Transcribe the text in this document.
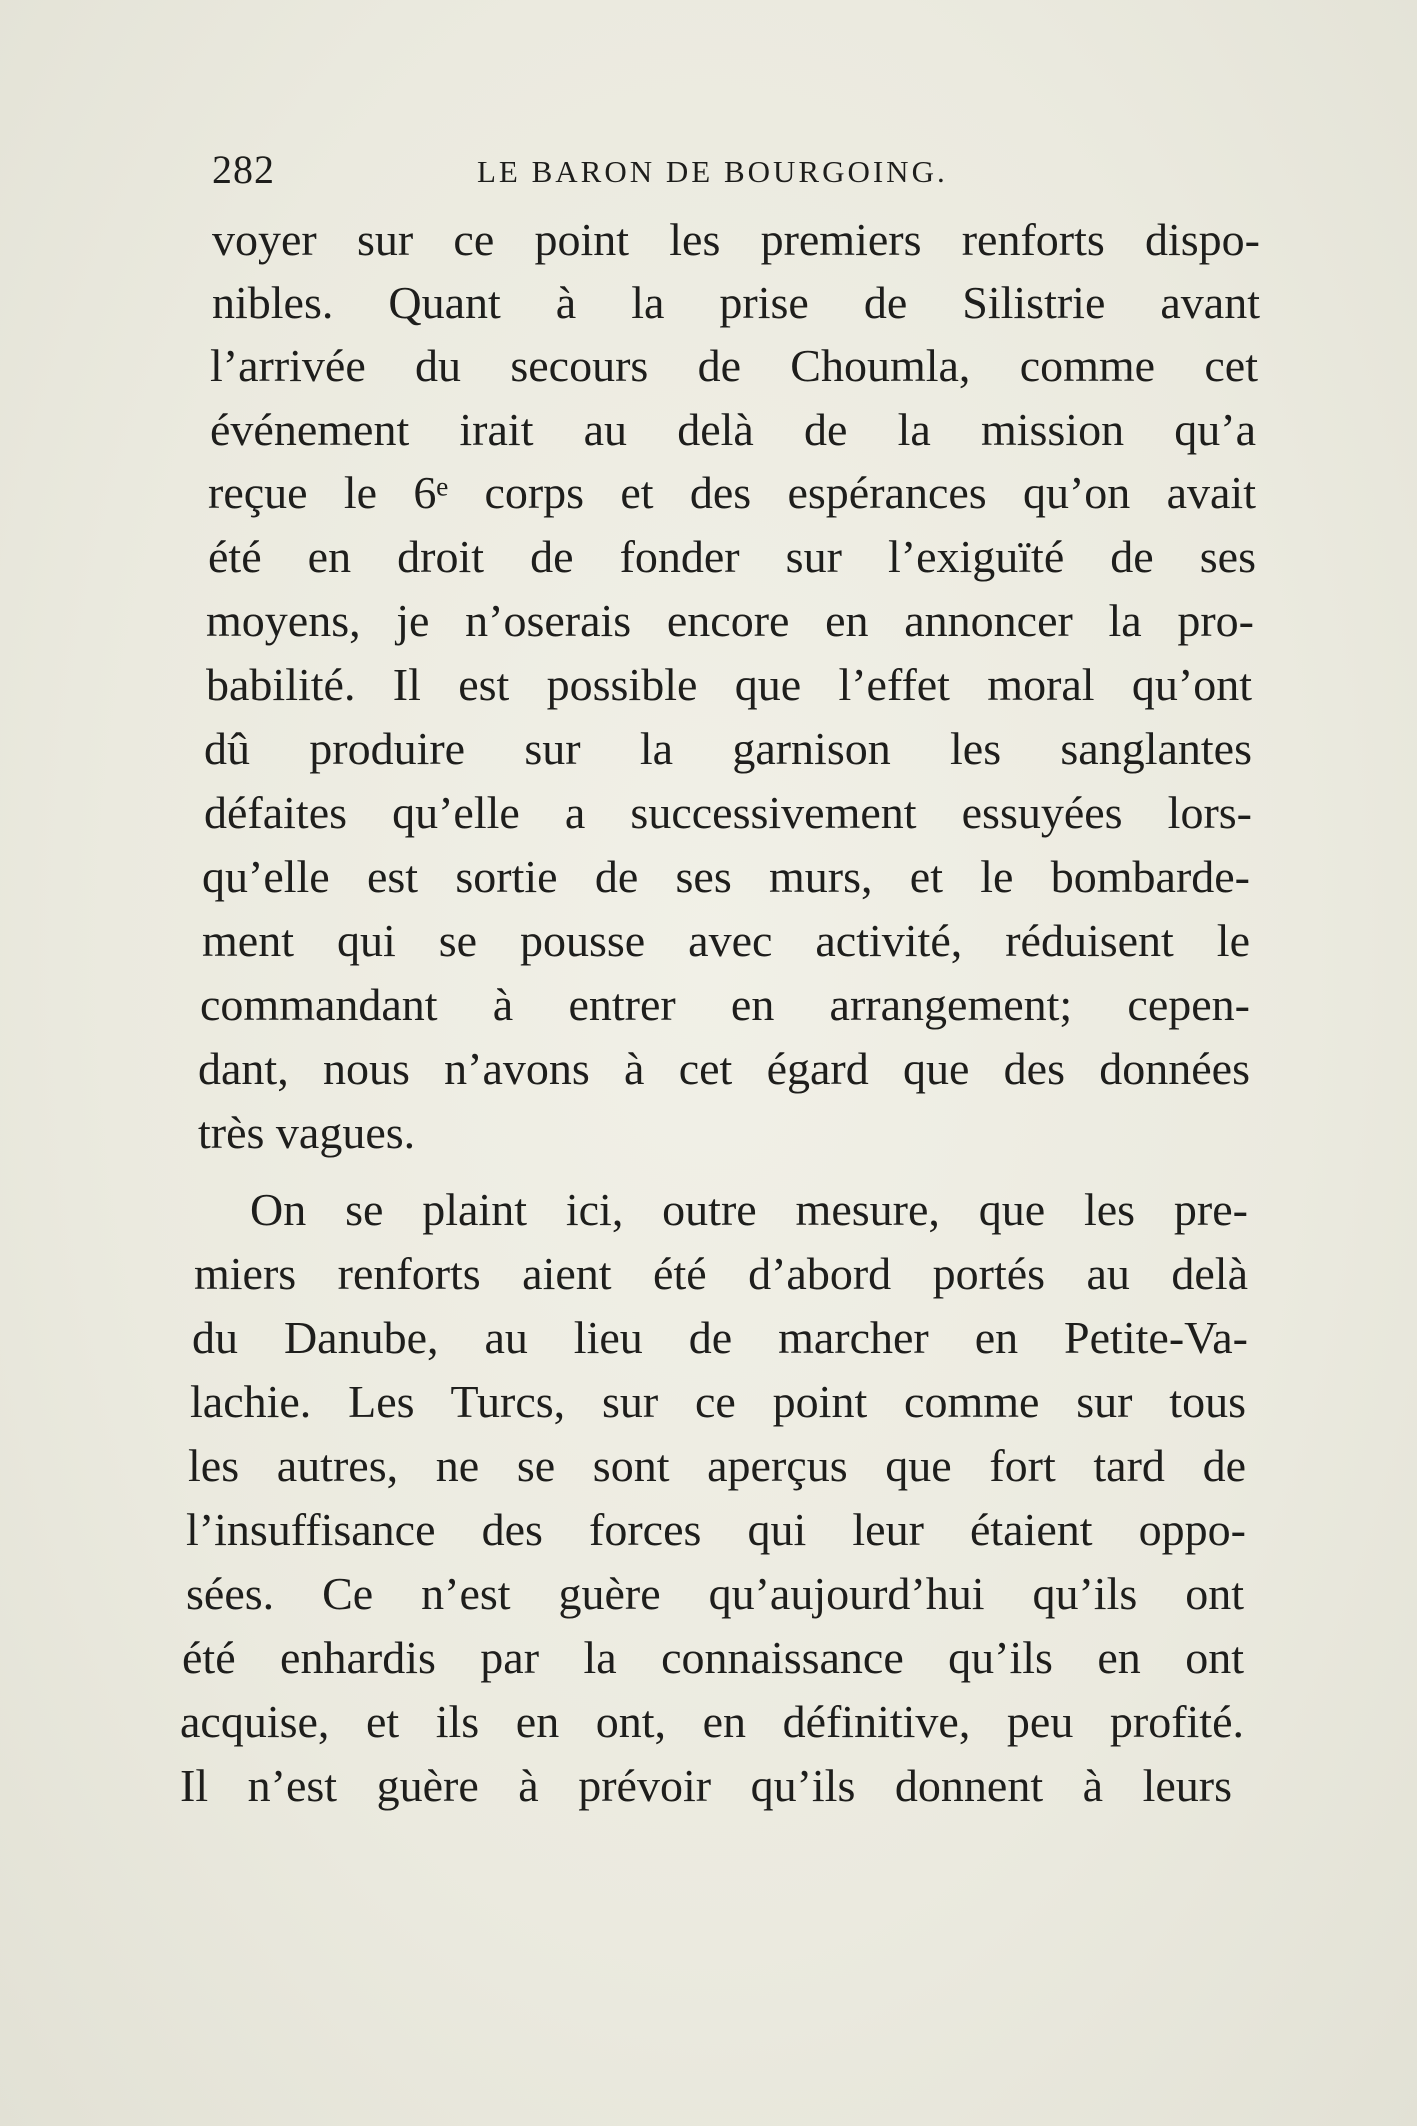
282	LE BARON DE BOURGOING.
voyer sur ce point les premiers renforts dispo-
nibles. Quant à la prise de Silistrie avant
l’arrivée du secours de Choumla, comme cet
événement irait au delà de la mission qu’a
reçue le 6ᵉ corps et des espérances qu’on avait
été en droit de fonder sur l’exiguïté de ses
moyens, je n’oserais encore en annoncer la pro-
babilité. Il est possible que l’effet moral qu’ont
dû produire sur la garnison les sanglantes
défaites qu’elle a successivement essuyées lors-
qu’elle est sortie de ses murs, et le bombarde-
ment qui se pousse avec activité, réduisent le
commandant à entrer en arrangement; cepen-
dant, nous n’avons à cet égard que des données
très vagues.
On se plaint ici, outre mesure, que les pre-
miers renforts aient été d’abord portés au delà
du Danube, au lieu de marcher en Petite-Va-
lachie. Les Turcs, sur ce point comme sur tous
les autres, ne se sont aperçus que fort tard de
l’insuffisance des forces qui leur étaient oppo-
sées. Ce n’est guère qu’aujourd’hui qu’ils ont
été enhardis par la connaissance qu’ils en ont
acquise, et ils en ont, en définitive, peu profité.
Il n’est guère à prévoir qu’ils donnent à leurs
